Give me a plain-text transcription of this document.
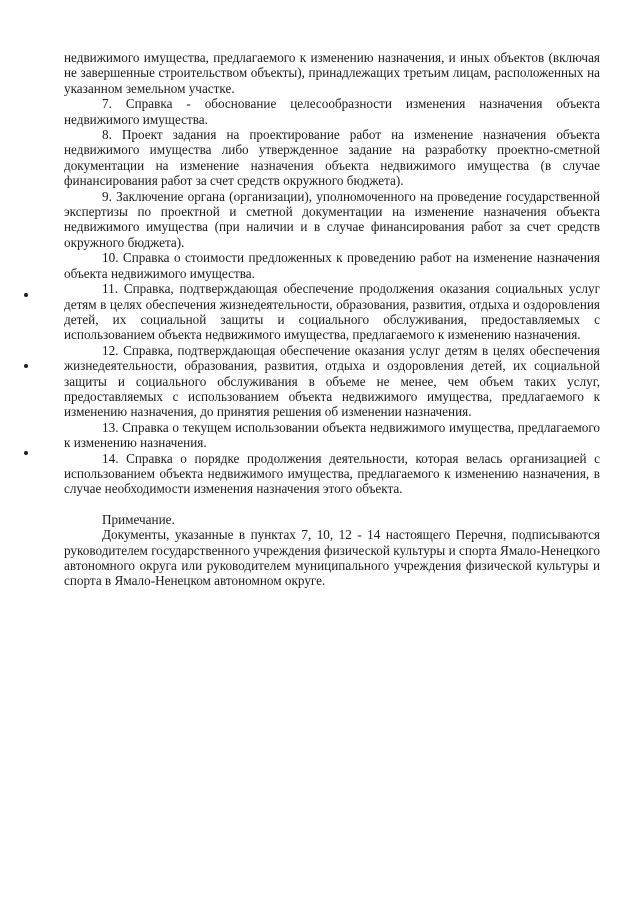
недвижимого имущества, предлагаемого к изменению назначения, и иных объектов (включая не завершенные строительством объекты), принадлежащих третьим лицам, расположенных на указанном земельном участке.

7. Справка - обоснование целесообразности изменения назначения объекта недвижимого имущества.

8. Проект задания на проектирование работ на изменение назначения объекта недвижимого имущества либо утвержденное задание на разработку проектно-сметной документации на изменение назначения объекта недвижимого имущества (в случае финансирования работ за счет средств окружного бюджета).

9. Заключение органа (организации), уполномоченного на проведение государственной экспертизы по проектной и сметной документации на изменение назначения объекта недвижимого имущества (при наличии и в случае финансирования работ за счет средств окружного бюджета).

10. Справка о стоимости предложенных к проведению работ на изменение назначения объекта недвижимого имущества.

11. Справка, подтверждающая обеспечение продолжения оказания социальных услуг детям в целях обеспечения жизнедеятельности, образования, развития, отдыха и оздоровления детей, их социальной защиты и социального обслуживания, предоставляемых с использованием объекта недвижимого имущества, предлагаемого к изменению назначения.

12. Справка, подтверждающая обеспечение оказания услуг детям в целях обеспечения жизнедеятельности, образования, развития, отдыха и оздоровления детей, их социальной защиты и социального обслуживания в объеме не менее, чем объем таких услуг, предоставляемых с использованием объекта недвижимого имущества, предлагаемого к изменению назначения, до принятия решения об изменении назначения.

13. Справка о текущем использовании объекта недвижимого имущества, предлагаемого к изменению назначения.

14. Справка о порядке продолжения деятельности, которая велась организацией с использованием объекта недвижимого имущества, предлагаемого к изменению назначения, в случае необходимости изменения назначения этого объекта.

Примечание.

Документы, указанные в пунктах 7, 10, 12 - 14 настоящего Перечня, подписываются руководителем государственного учреждения физической культуры и спорта Ямало-Ненецкого автономного округа или руководителем муниципального учреждения физической культуры и спорта в Ямало-Ненецком автономном округе.
